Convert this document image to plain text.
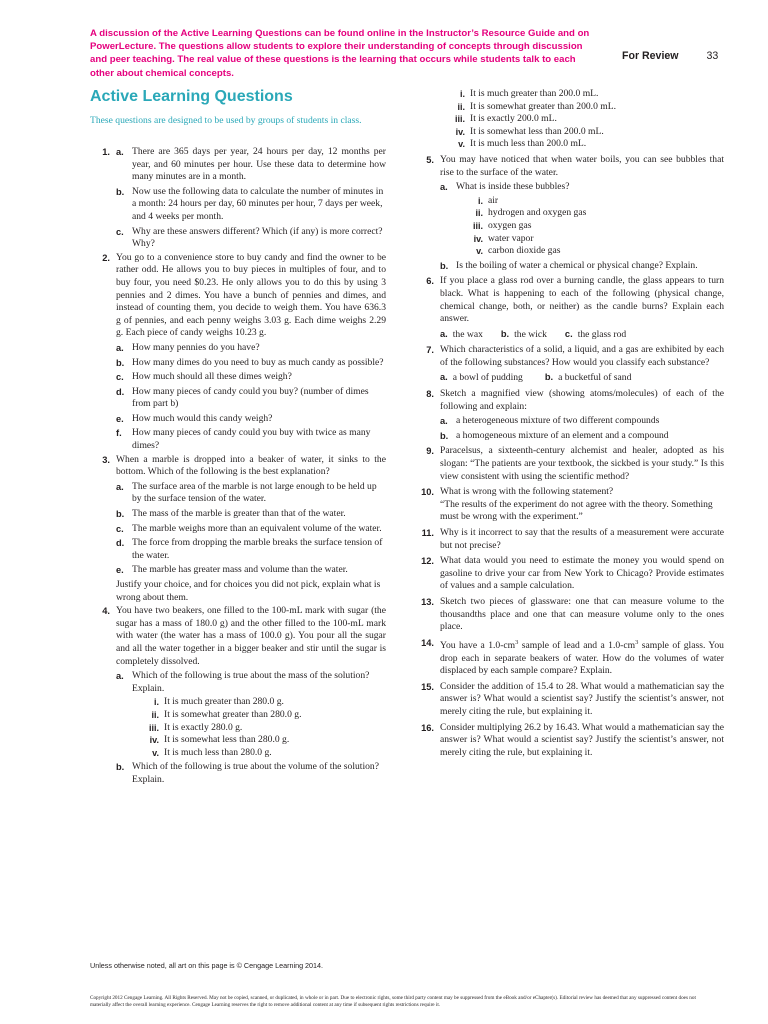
A discussion of the Active Learning Questions can be found online in the Instructor’s Resource Guide and on PowerLecture. The questions allow students to explore their understanding of concepts through discussion and peer teaching. The real value of these questions is the learning that occurs while students talk to each other about chemical concepts.
For Review	33
Active Learning Questions
These questions are designed to be used by groups of students in class.
1. a. There are 365 days per year, 24 hours per day, 12 months per year, and 60 minutes per hour. Use these data to determine how many minutes are in a month.

b. Now use the following data to calculate the number of minutes in a month: 24 hours per day, 60 minutes per hour, 7 days per week, and 4 weeks per month.

c. Why are these answers different? Which (if any) is more correct? Why?

2. You go to a convenience store to buy candy and find the owner to be rather odd. He allows you to buy pieces in multiples of four, and to buy four, you need $0.23. He only allows you to do this by using 3 pennies and 2 dimes. You have a bunch of pennies and dimes, and instead of counting them, you decide to weigh them. You have 636.3 g of pennies, and each penny weighs 3.03 g. Each dime weighs 2.29 g. Each piece of candy weighs 10.23 g.

a. How many pennies do you have?

b. How many dimes do you need to buy as much candy as possible?

c. How much should all these dimes weigh?

d. How many pieces of candy could you buy? (number of dimes from part b)

e. How much would this candy weigh?

f. How many pieces of candy could you buy with twice as many dimes?

3. When a marble is dropped into a beaker of water, it sinks to the bottom. Which of the following is the best explanation?

a. The surface area of the marble is not large enough to be held up by the surface tension of the water.

b. The mass of the marble is greater than that of the water.

c. The marble weighs more than an equivalent volume of the water.

d. The force from dropping the marble breaks the surface tension of the water.

e. The marble has greater mass and volume than the water.

Justify your choice, and for choices you did not pick, explain what is wrong about them.

4. You have two beakers, one filled to the 100-mL mark with sugar (the sugar has a mass of 180.0 g) and the other filled to the 100-mL mark with water (the water has a mass of 100.0 g). You pour all the sugar and all the water together in a bigger beaker and stir until the sugar is completely dissolved.

a. Which of the following is true about the mass of the solution? Explain.

i. It is much greater than 280.0 g.
ii. It is somewhat greater than 280.0 g.
iii. It is exactly 280.0 g.
iv. It is somewhat less than 280.0 g.
v. It is much less than 280.0 g.
b. Which of the following is true about the volume of the solution? Explain.

i. It is much greater than 200.0 mL.
ii. It is somewhat greater than 200.0 mL.
iii. It is exactly 200.0 mL.
iv. It is somewhat less than 200.0 mL.
v. It is much less than 200.0 mL.
5. You may have noticed that when water boils, you can see bubbles that rise to the surface of the water.

a. What is inside these bubbles?

i. air
ii. hydrogen and oxygen gas
iii. oxygen gas
iv. water vapor
v. carbon dioxide gas
b. Is the boiling of water a chemical or physical change? Explain.

6. If you place a glass rod over a burning candle, the glass appears to turn black. What is happening to each of the following (physical change, chemical change, both, or neither) as the candle burns? Explain each answer.

a. the wax b. the wick c. the glass rod
7. Which characteristics of a solid, a liquid, and a gas are exhibited by each of the following substances? How would you classify each substance?

a. a bowl of pudding b. a bucketful of sand
8. Sketch a magnified view (showing atoms/molecules) of each of the following and explain:

a. a heterogeneous mixture of two different compounds

b. a homogeneous mixture of an element and a compound

9. Paracelsus, a sixteenth-century alchemist and healer, adopted as his slogan: “The patients are your textbook, the sickbed is your study.” Is this view consistent with using the scientific method?

10. What is wrong with the following statement?

“The results of the experiment do not agree with the theory. Something must be wrong with the experiment.”

11. Why is it incorrect to say that the results of a measurement were accurate but not precise?

12. What data would you need to estimate the money you would spend on gasoline to drive your car from New York to Chicago? Provide estimates of values and a sample calculation.

13. Sketch two pieces of glassware: one that can measure volume to the thousandths place and one that can measure volume only to the ones place.

14. You have a $1.0-cm^3$ sample of lead and a $1.0-cm^3$ sample of glass. You drop each in separate beakers of water. How do the volumes of water displaced by each sample compare? Explain.

15. Consider the addition of 15.4 to 28. What would a mathematician say the answer is? What would a scientist say? Justify the scientist’s answer, not merely citing the rule, but explaining it.

16. Consider multiplying 26.2 by 16.43. What would a mathematician say the answer is? What would a scientist say? Justify the scientist’s answer, not merely citing the rule, but explaining it.

Unless otherwise noted, all art on this page is © Cengage Learning 2014.
Copyright 2012 Cengage Learning. All Rights Reserved. May not be copied, scanned, or duplicated, in whole or in part. Due to electronic rights, some third party content may be suppressed from the eBook and/or eChapter(s). Editorial review has deemed that any suppressed content does not materially affect the overall learning experience. Cengage Learning reserves the right to remove additional content at any time if subsequent rights restrictions require it.
